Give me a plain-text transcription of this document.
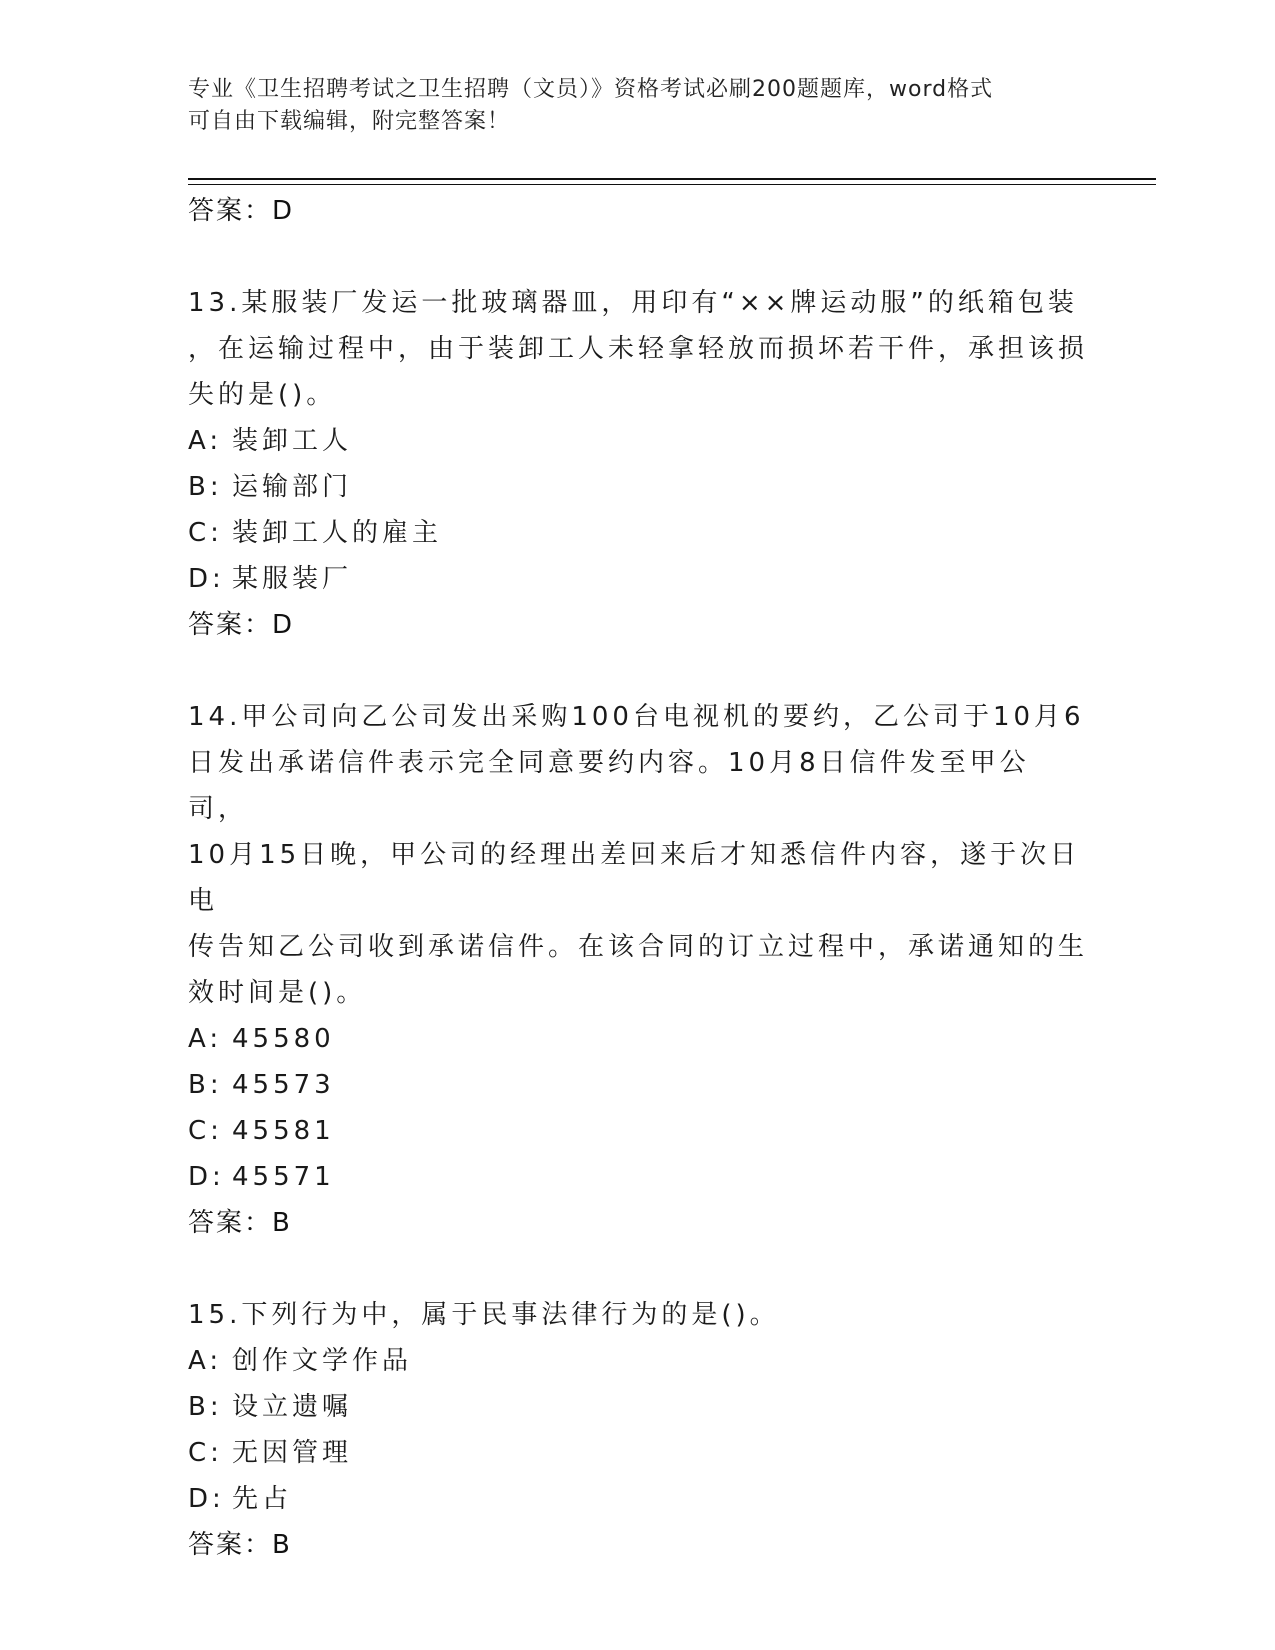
专业《卫生招聘考试之卫生招聘（文员）》资格考试必刷200题题库，word格式
可自由下载编辑，附完整答案！
答案：D
13.某服装厂发运一批玻璃器皿，用印有“××牌运动服”的纸箱包装
，在运输过程中，由于装卸工人未轻拿轻放而损坏若干件，承担该损
失的是()。
A: 装卸工人
B: 运输部门
C: 装卸工人的雇主
D: 某服装厂
答案：D
14.甲公司向乙公司发出采购100台电视机的要约，乙公司于10月6
日发出承诺信件表示完全同意要约内容。10月8日信件发至甲公司，
10月15日晚，甲公司的经理出差回来后才知悉信件内容，遂于次日电
传告知乙公司收到承诺信件。在该合同的订立过程中，承诺通知的生
效时间是()。
A: 45580
B: 45573
C: 45581
D: 45571
答案：B
15.下列行为中，属于民事法律行为的是()。
A: 创作文学作品
B: 设立遗嘱
C: 无因管理
D: 先占
答案：B
